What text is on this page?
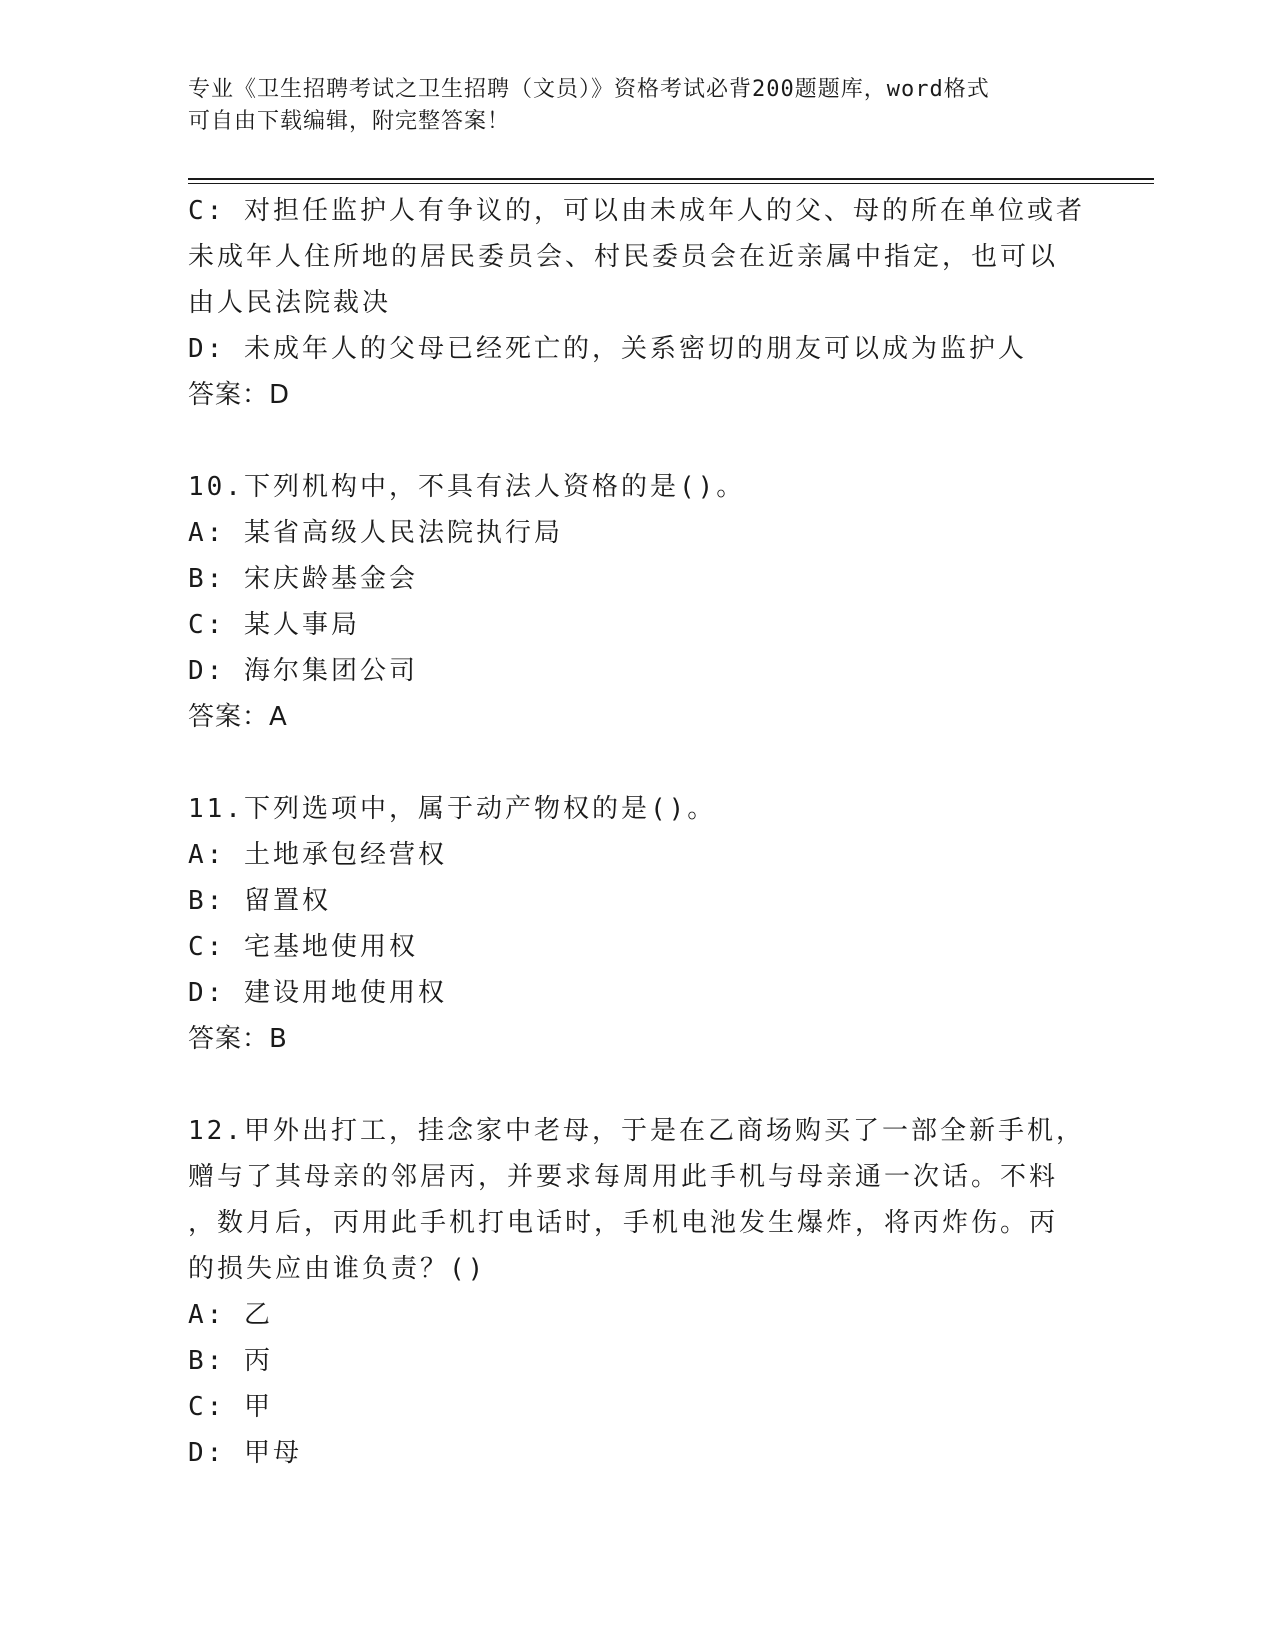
专业《卫生招聘考试之卫生招聘（文员）》资格考试必背200题题库，word格式
可自由下载编辑，附完整答案！
C: 对担任监护人有争议的，可以由未成年人的父、母的所在单位或者
未成年人住所地的居民委员会、村民委员会在近亲属中指定，也可以
由人民法院裁决
D: 未成年人的父母已经死亡的，关系密切的朋友可以成为监护人
答案：D
10.下列机构中，不具有法人资格的是()。
A: 某省高级人民法院执行局
B: 宋庆龄基金会
C: 某人事局
D: 海尔集团公司
答案：A
11.下列选项中，属于动产物权的是()。
A: 土地承包经营权
B: 留置权
C: 宅基地使用权
D: 建设用地使用权
答案：B
12.甲外出打工，挂念家中老母，于是在乙商场购买了一部全新手机，
赠与了其母亲的邻居丙，并要求每周用此手机与母亲通一次话。不料
，数月后，丙用此手机打电话时，手机电池发生爆炸，将丙炸伤。丙
的损失应由谁负责？()
A: 乙
B: 丙
C: 甲
D: 甲母
